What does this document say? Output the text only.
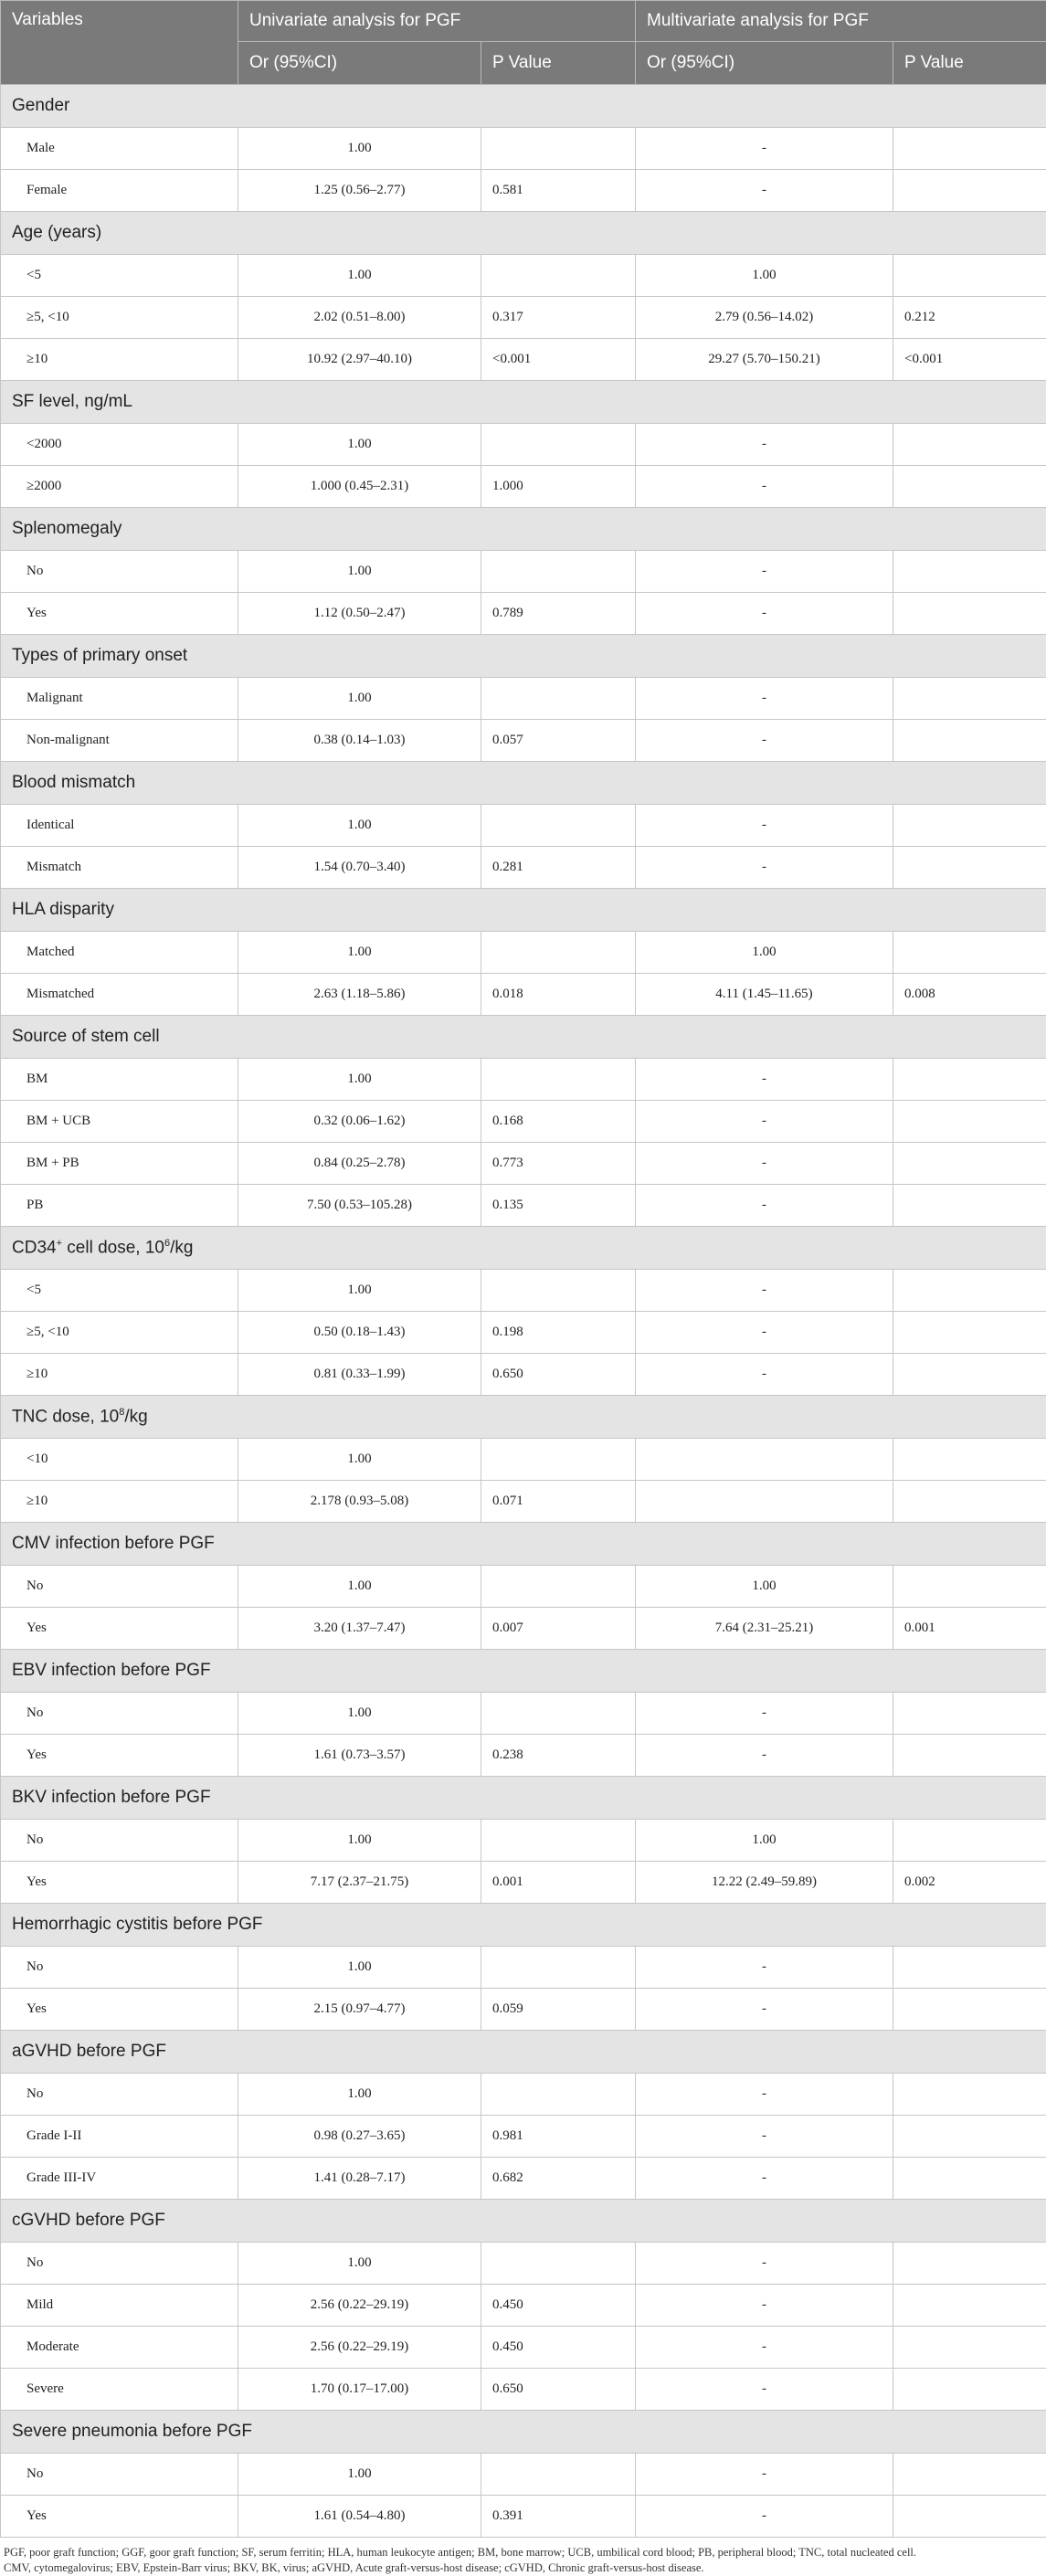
Variables	Univariate analysis for PGF		Multivariate analysis for PGF	
	Or (95%CI)	P Value	Or (95%CI)	P Value
Gender				
Male	1.00		-	
Female	1.25 (0.56–2.77)	0.581	-	
Age (years)				
<5	1.00		1.00	
≥5, <10	2.02 (0.51–8.00)	0.317	2.79 (0.56–14.02)	0.212
≥10	10.92 (2.97–40.10)	<0.001	29.27 (5.70–150.21)	<0.001
SF level, ng/mL				
<2000	1.00		-	
≥2000	1.000 (0.45–2.31)	1.000	-	
Splenomegaly				
No	1.00		-	
Yes	1.12 (0.50–2.47)	0.789	-	
Types of primary onset				
Malignant	1.00		-	
Non-malignant	0.38 (0.14–1.03)	0.057	-	
Blood mismatch				
Identical	1.00		-	
Mismatch	1.54 (0.70–3.40)	0.281	-	
HLA disparity				
Matched	1.00		1.00	
Mismatched	2.63 (1.18–5.86)	0.018	4.11 (1.45–11.65)	0.008
Source of stem cell				
BM	1.00		-	
BM + UCB	0.32 (0.06–1.62)	0.168	-	
BM + PB	0.84 (0.25–2.78)	0.773	-	
PB	7.50 (0.53–105.28)	0.135	-	
CD34+ cell dose, $10^6/kg$				
<5	1.00		-	
≥5, <10	0.50 (0.18–1.43)	0.198	-	
≥10	0.81 (0.33–1.99)	0.650	-	
TNC dose, $10^8/kg$				
<10	1.00			
≥10	2.178 (0.93–5.08)	0.071		
CMV infection before PGF				
No	1.00		1.00	
Yes	3.20 (1.37–7.47)	0.007	7.64 (2.31–25.21)	0.001
EBV infection before PGF				
No	1.00		-	
Yes	1.61 (0.73–3.57)	0.238	-	
BKV infection before PGF				
No	1.00		1.00	
Yes	7.17 (2.37–21.75)	0.001	12.22 (2.49–59.89)	0.002
Hemorrhagic cystitis before PGF				
No	1.00		-	
Yes	2.15 (0.97–4.77)	0.059	-	
aGVHD before PGF				
No	1.00		-	
Grade I-II	0.98 (0.27–3.65)	0.981	-	
Grade III-IV	1.41 (0.28–7.17)	0.682	-	
cGVHD before PGF				
No	1.00		-	
Mild	2.56 (0.22–29.19)	0.450	-	
Moderate	2.56 (0.22–29.19)	0.450	-	
Severe	1.70 (0.17–17.00)	0.650	-	
Severe pneumonia before PGF				
No	1.00		-	
Yes	1.61 (0.54–4.80)	0.391	-	
PGF, poor graft function; GGF, goor graft function; SF, serum ferritin; HLA, human leukocyte antigen; BM, bone marrow; UCB, umbilical cord blood; PB, peripheral blood; TNC, total nucleated cell.
CMV, cytomegalovirus; EBV, Epstein-Barr virus; BKV, BK, virus; aGVHD, Acute graft-versus-host disease; cGVHD, Chronic graft-versus-host disease.
